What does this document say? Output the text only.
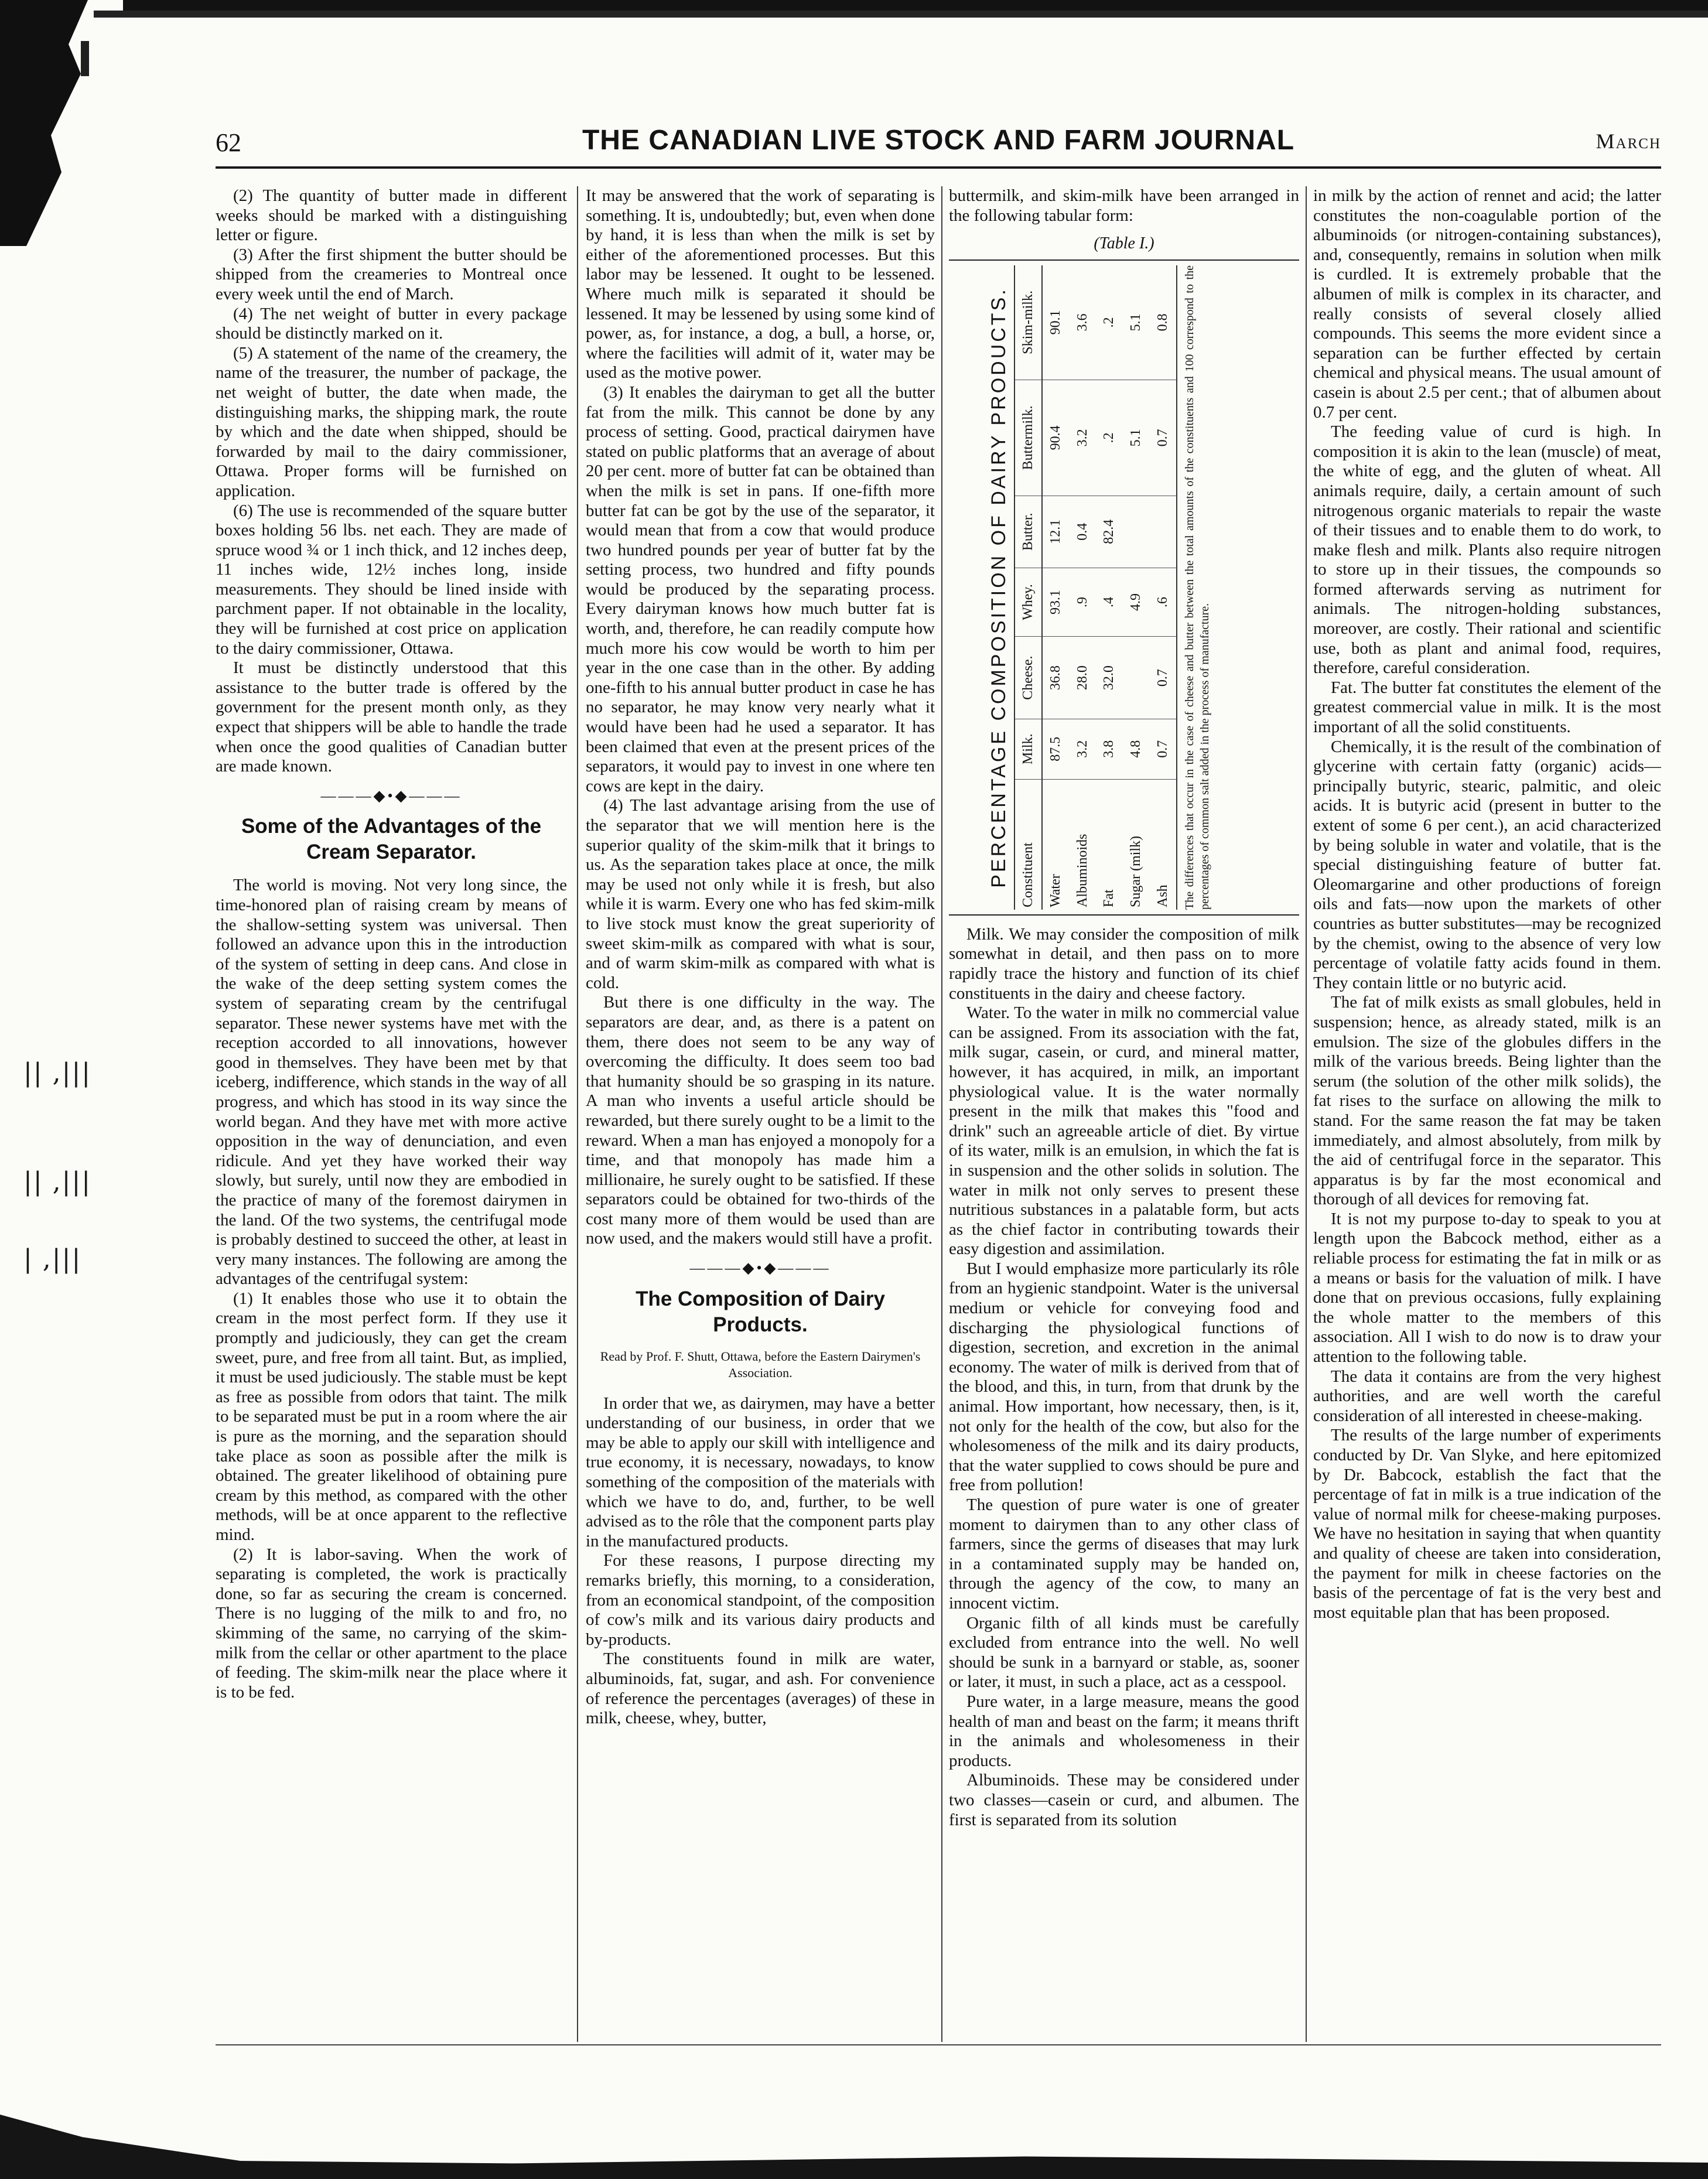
|| ,|||
|| ,|||
| ,|||
62	THE CANADIAN LIVE STOCK AND FARM JOURNAL	March

(2) The quantity of butter made in different weeks should be marked with a distinguishing letter or figure.

(3) After the first shipment the butter should be shipped from the creameries to Montreal once every week until the end of March.

(4) The net weight of butter in every package should be distinctly marked on it.

(5) A statement of the name of the creamery, the name of the treasurer, the number of package, the net weight of butter, the date when made, the distinguishing marks, the shipping mark, the route by which and the date when shipped, should be forwarded by mail to the dairy commissioner, Ottawa. Proper forms will be furnished on application.

(6) The use is recommended of the square butter boxes holding 56 lbs. net each. They are made of spruce wood ¾ or 1 inch thick, and 12 inches deep, 11 inches wide, 12½ inches long, inside measurements. They should be lined inside with parchment paper. If not obtainable in the locality, they will be furnished at cost price on application to the dairy commissioner, Ottawa.

It must be distinctly understood that this assistance to the butter trade is offered by the government for the present month only, as they expect that shippers will be able to handle the trade when once the good qualities of Canadian butter are made known.

———◆•◆———
Some of the Advantages of the Cream Separator.

The world is moving. Not very long since, the time-honored plan of raising cream by means of the shallow-setting system was universal. Then followed an advance upon this in the introduction of the system of setting in deep cans. And close in the wake of the deep setting system comes the system of separating cream by the centrifugal separator. These newer systems have met with the reception accorded to all innovations, however good in themselves. They have been met by that iceberg, indifference, which stands in the way of all progress, and which has stood in its way since the world began. And they have met with more active opposition in the way of denunciation, and even ridicule. And yet they have worked their way slowly, but surely, until now they are embodied in the practice of many of the foremost dairymen in the land. Of the two systems, the centrifugal mode is probably destined to succeed the other, at least in very many instances. The following are among the advantages of the centrifugal system:

(1) It enables those who use it to obtain the cream in the most perfect form. If they use it promptly and judiciously, they can get the cream sweet, pure, and free from all taint. But, as implied, it must be used judiciously. The stable must be kept as free as possible from odors that taint. The milk to be separated must be put in a room where the air is pure as the morning, and the separation should take place as soon as possible after the milk is obtained. The greater likelihood of obtaining pure cream by this method, as compared with the other methods, will be at once apparent to the reflective mind.

(2) It is labor-saving. When the work of separating is completed, the work is practically done, so far as securing the cream is concerned. There is no lugging of the milk to and fro, no skimming of the same, no carrying of the skim-milk from the cellar or other apartment to the place of feeding. The skim-milk near the place where it is to be fed.

It may be answered that the work of separating is something. It is, undoubtedly; but, even when done by hand, it is less than when the milk is set by either of the aforementioned processes. But this labor may be lessened. It ought to be lessened. Where much milk is separated it should be lessened. It may be lessened by using some kind of power, as, for instance, a dog, a bull, a horse, or, where the facilities will admit of it, water may be used as the motive power.

(3) It enables the dairyman to get all the butter fat from the milk. This cannot be done by any process of setting. Good, practical dairymen have stated on public platforms that an average of about 20 per cent. more of butter fat can be obtained than when the milk is set in pans. If one-fifth more butter fat can be got by the use of the separator, it would mean that from a cow that would produce two hundred pounds per year of butter fat by the setting process, two hundred and fifty pounds would be produced by the separating process. Every dairyman knows how much butter fat is worth, and, therefore, he can readily compute how much more his cow would be worth to him per year in the one case than in the other. By adding one-fifth to his annual butter product in case he has no separator, he may know very nearly what it would have been had he used a separator. It has been claimed that even at the present prices of the separators, it would pay to invest in one where ten cows are kept in the dairy.

(4) The last advantage arising from the use of the separator that we will mention here is the superior quality of the skim-milk that it brings to us. As the separation takes place at once, the milk may be used not only while it is fresh, but also while it is warm. Every one who has fed skim-milk to live stock must know the great superiority of sweet skim-milk as compared with what is sour, and of warm skim-milk as compared with what is cold.

But there is one difficulty in the way. The separators are dear, and, as there is a patent on them, there does not seem to be any way of overcoming the difficulty. It does seem too bad that humanity should be so grasping in its nature. A man who invents a useful article should be rewarded, but there surely ought to be a limit to the reward. When a man has enjoyed a monopoly for a time, and that monopoly has made him a millionaire, he surely ought to be satisfied. If these separators could be obtained for two-thirds of the cost many more of them would be used than are now used, and the makers would still have a profit.

———◆•◆———
The Composition of Dairy Products.
Read by Prof. F. Shutt, Ottawa, before the Eastern Dairymen's Association.

In order that we, as dairymen, may have a better understanding of our business, in order that we may be able to apply our skill with intelligence and true economy, it is necessary, nowadays, to know something of the composition of the materials with which we have to do, and, further, to be well advised as to the rôle that the component parts play in the manufactured products.

For these reasons, I purpose directing my remarks briefly, this morning, to a consideration, from an economical standpoint, of the composition of cow's milk and its various dairy products and by-products.

The constituents found in milk are water, albuminoids, fat, sugar, and ash. For convenience of reference the percentages (averages) of these in milk, cheese, whey, butter,

buttermilk, and skim-milk have been arranged in the following tabular form:

(Table I.)
PERCENTAGE COMPOSITION OF DAIRY PRODUCTS. Constituent	Milk.	Cheese.	Whey.	Butter.	Buttermilk.	Skim-milk.
Water	87.5	36.8	93.1	12.1	90.4	90.1
Albuminoids	3.2	28.0	.9	0.4	3.2	3.6
Fat	3.8	32.0	.4	82.4	.2	.2
Sugar (milk)	4.8		4.9		5.1	5.1
Ash	0.7	0.7	.6		0.7	0.8 The differences that occur in the case of cheese and butter between the total amounts of the constituents and 100 correspond to the percentages of common salt added in the process of manufacture.

Milk. We may consider the composition of milk somewhat in detail, and then pass on to more rapidly trace the history and function of its chief constituents in the dairy and cheese factory.

Water. To the water in milk no commercial value can be assigned. From its association with the fat, milk sugar, casein, or curd, and mineral matter, however, it has acquired, in milk, an important physiological value. It is the water normally present in the milk that makes this "food and drink" such an agreeable article of diet. By virtue of its water, milk is an emulsion, in which the fat is in suspension and the other solids in solution. The water in milk not only serves to present these nutritious substances in a palatable form, but acts as the chief factor in contributing towards their easy digestion and assimilation.

But I would emphasize more particularly its rôle from an hygienic standpoint. Water is the universal medium or vehicle for conveying food and discharging the physiological functions of digestion, secretion, and excretion in the animal economy. The water of milk is derived from that of the blood, and this, in turn, from that drunk by the animal. How important, how necessary, then, is it, not only for the health of the cow, but also for the wholesomeness of the milk and its dairy products, that the water supplied to cows should be pure and free from pollution!

The question of pure water is one of greater moment to dairymen than to any other class of farmers, since the germs of diseases that may lurk in a contaminated supply may be handed on, through the agency of the cow, to many an innocent victim.

Organic filth of all kinds must be carefully excluded from entrance into the well. No well should be sunk in a barnyard or stable, as, sooner or later, it must, in such a place, act as a cesspool.

Pure water, in a large measure, means the good health of man and beast on the farm; it means thrift in the animals and wholesomeness in their products.

Albuminoids. These may be considered under two classes—casein or curd, and albumen. The first is separated from its solution

in milk by the action of rennet and acid; the latter constitutes the non-coagulable portion of the albuminoids (or nitrogen-containing substances), and, consequently, remains in solution when milk is curdled. It is extremely probable that the albumen of milk is complex in its character, and really consists of several closely allied compounds. This seems the more evident since a separation can be further effected by certain chemical and physical means. The usual amount of casein is about 2.5 per cent.; that of albumen about 0.7 per cent.

The feeding value of curd is high. In composition it is akin to the lean (muscle) of meat, the white of egg, and the gluten of wheat. All animals require, daily, a certain amount of such nitrogenous organic materials to repair the waste of their tissues and to enable them to do work, to make flesh and milk. Plants also require nitrogen to store up in their tissues, the compounds so formed afterwards serving as nutriment for animals. The nitrogen-holding substances, moreover, are costly. Their rational and scientific use, both as plant and animal food, requires, therefore, careful consideration.

Fat. The butter fat constitutes the element of the greatest commercial value in milk. It is the most important of all the solid constituents.

Chemically, it is the result of the combination of glycerine with certain fatty (organic) acids—principally butyric, stearic, palmitic, and oleic acids. It is butyric acid (present in butter to the extent of some 6 per cent.), an acid characterized by being soluble in water and volatile, that is the special distinguishing feature of butter fat. Oleomargarine and other productions of foreign oils and fats—now upon the markets of other countries as butter substitutes—may be recognized by the chemist, owing to the absence of very low percentage of volatile fatty acids found in them. They contain little or no butyric acid.

The fat of milk exists as small globules, held in suspension; hence, as already stated, milk is an emulsion. The size of the globules differs in the milk of the various breeds. Being lighter than the serum (the solution of the other milk solids), the fat rises to the surface on allowing the milk to stand. For the same reason the fat may be taken immediately, and almost absolutely, from milk by the aid of centrifugal force in the separator. This apparatus is by far the most economical and thorough of all devices for removing fat.

It is not my purpose to-day to speak to you at length upon the Babcock method, either as a reliable process for estimating the fat in milk or as a means or basis for the valuation of milk. I have done that on previous occasions, fully explaining the whole matter to the members of this association. All I wish to do now is to draw your attention to the following table.

The data it contains are from the very highest authorities, and are well worth the careful consideration of all interested in cheese-making.

The results of the large number of experiments conducted by Dr. Van Slyke, and here epitomized by Dr. Babcock, establish the fact that the percentage of fat in milk is a true indication of the value of normal milk for cheese-making purposes. We have no hesitation in saying that when quantity and quality of cheese are taken into consideration, the payment for milk in cheese factories on the basis of the percentage of fat is the very best and most equitable plan that has been proposed.
